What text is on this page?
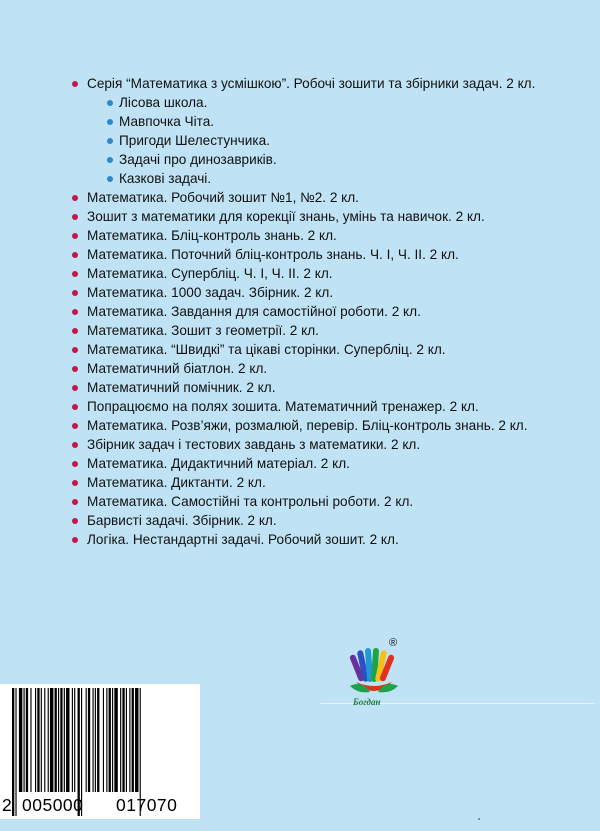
Серія “Математика з усмішкою”. Робочі зошити та збірники задач. 2 кл.
Лісова школа.
Мавпочка Чіта.
Пригоди Шелестунчика.
Задачі про динозавриків.
Казкові задачі.
Математика. Робочий зошит №1, №2. 2 кл.
Зошит з математики для корекції знань, умінь та навичок. 2 кл.
Математика. Бліц-контроль знань. 2 кл.
Математика. Поточний бліц-контроль знань. Ч. І, Ч. ІІ. 2 кл.
Математика. Супербліц. Ч. І, Ч. ІІ. 2 кл.
Математика. 1000 задач. Збірник. 2 кл.
Математика. Завдання для самостійної роботи. 2 кл.
Математика. Зошит з геометрії. 2 кл.
Математика. “Швидкі” та цікаві сторінки. Супербліц. 2 кл.
Математичний біатлон. 2 кл.
Математичний помічник. 2 кл.
Попрацюємо на полях зошита. Математичний тренажер. 2 кл.
Математика. Розв’яжи, розмалюй, перевір. Бліц-контроль знань. 2 кл.
Збірник задач і тестових завдань з математики. 2 кл.
Математика. Дидактичний матеріал. 2 кл.
Математика. Диктанти. 2 кл.
Математика. Самостійні та контрольні роботи. 2 кл.
Барвисті задачі. Збірник. 2 кл.
Логіка. Нестандартні задачі. Робочий зошит. 2 кл.
®
Богдан
2 005000 017070
